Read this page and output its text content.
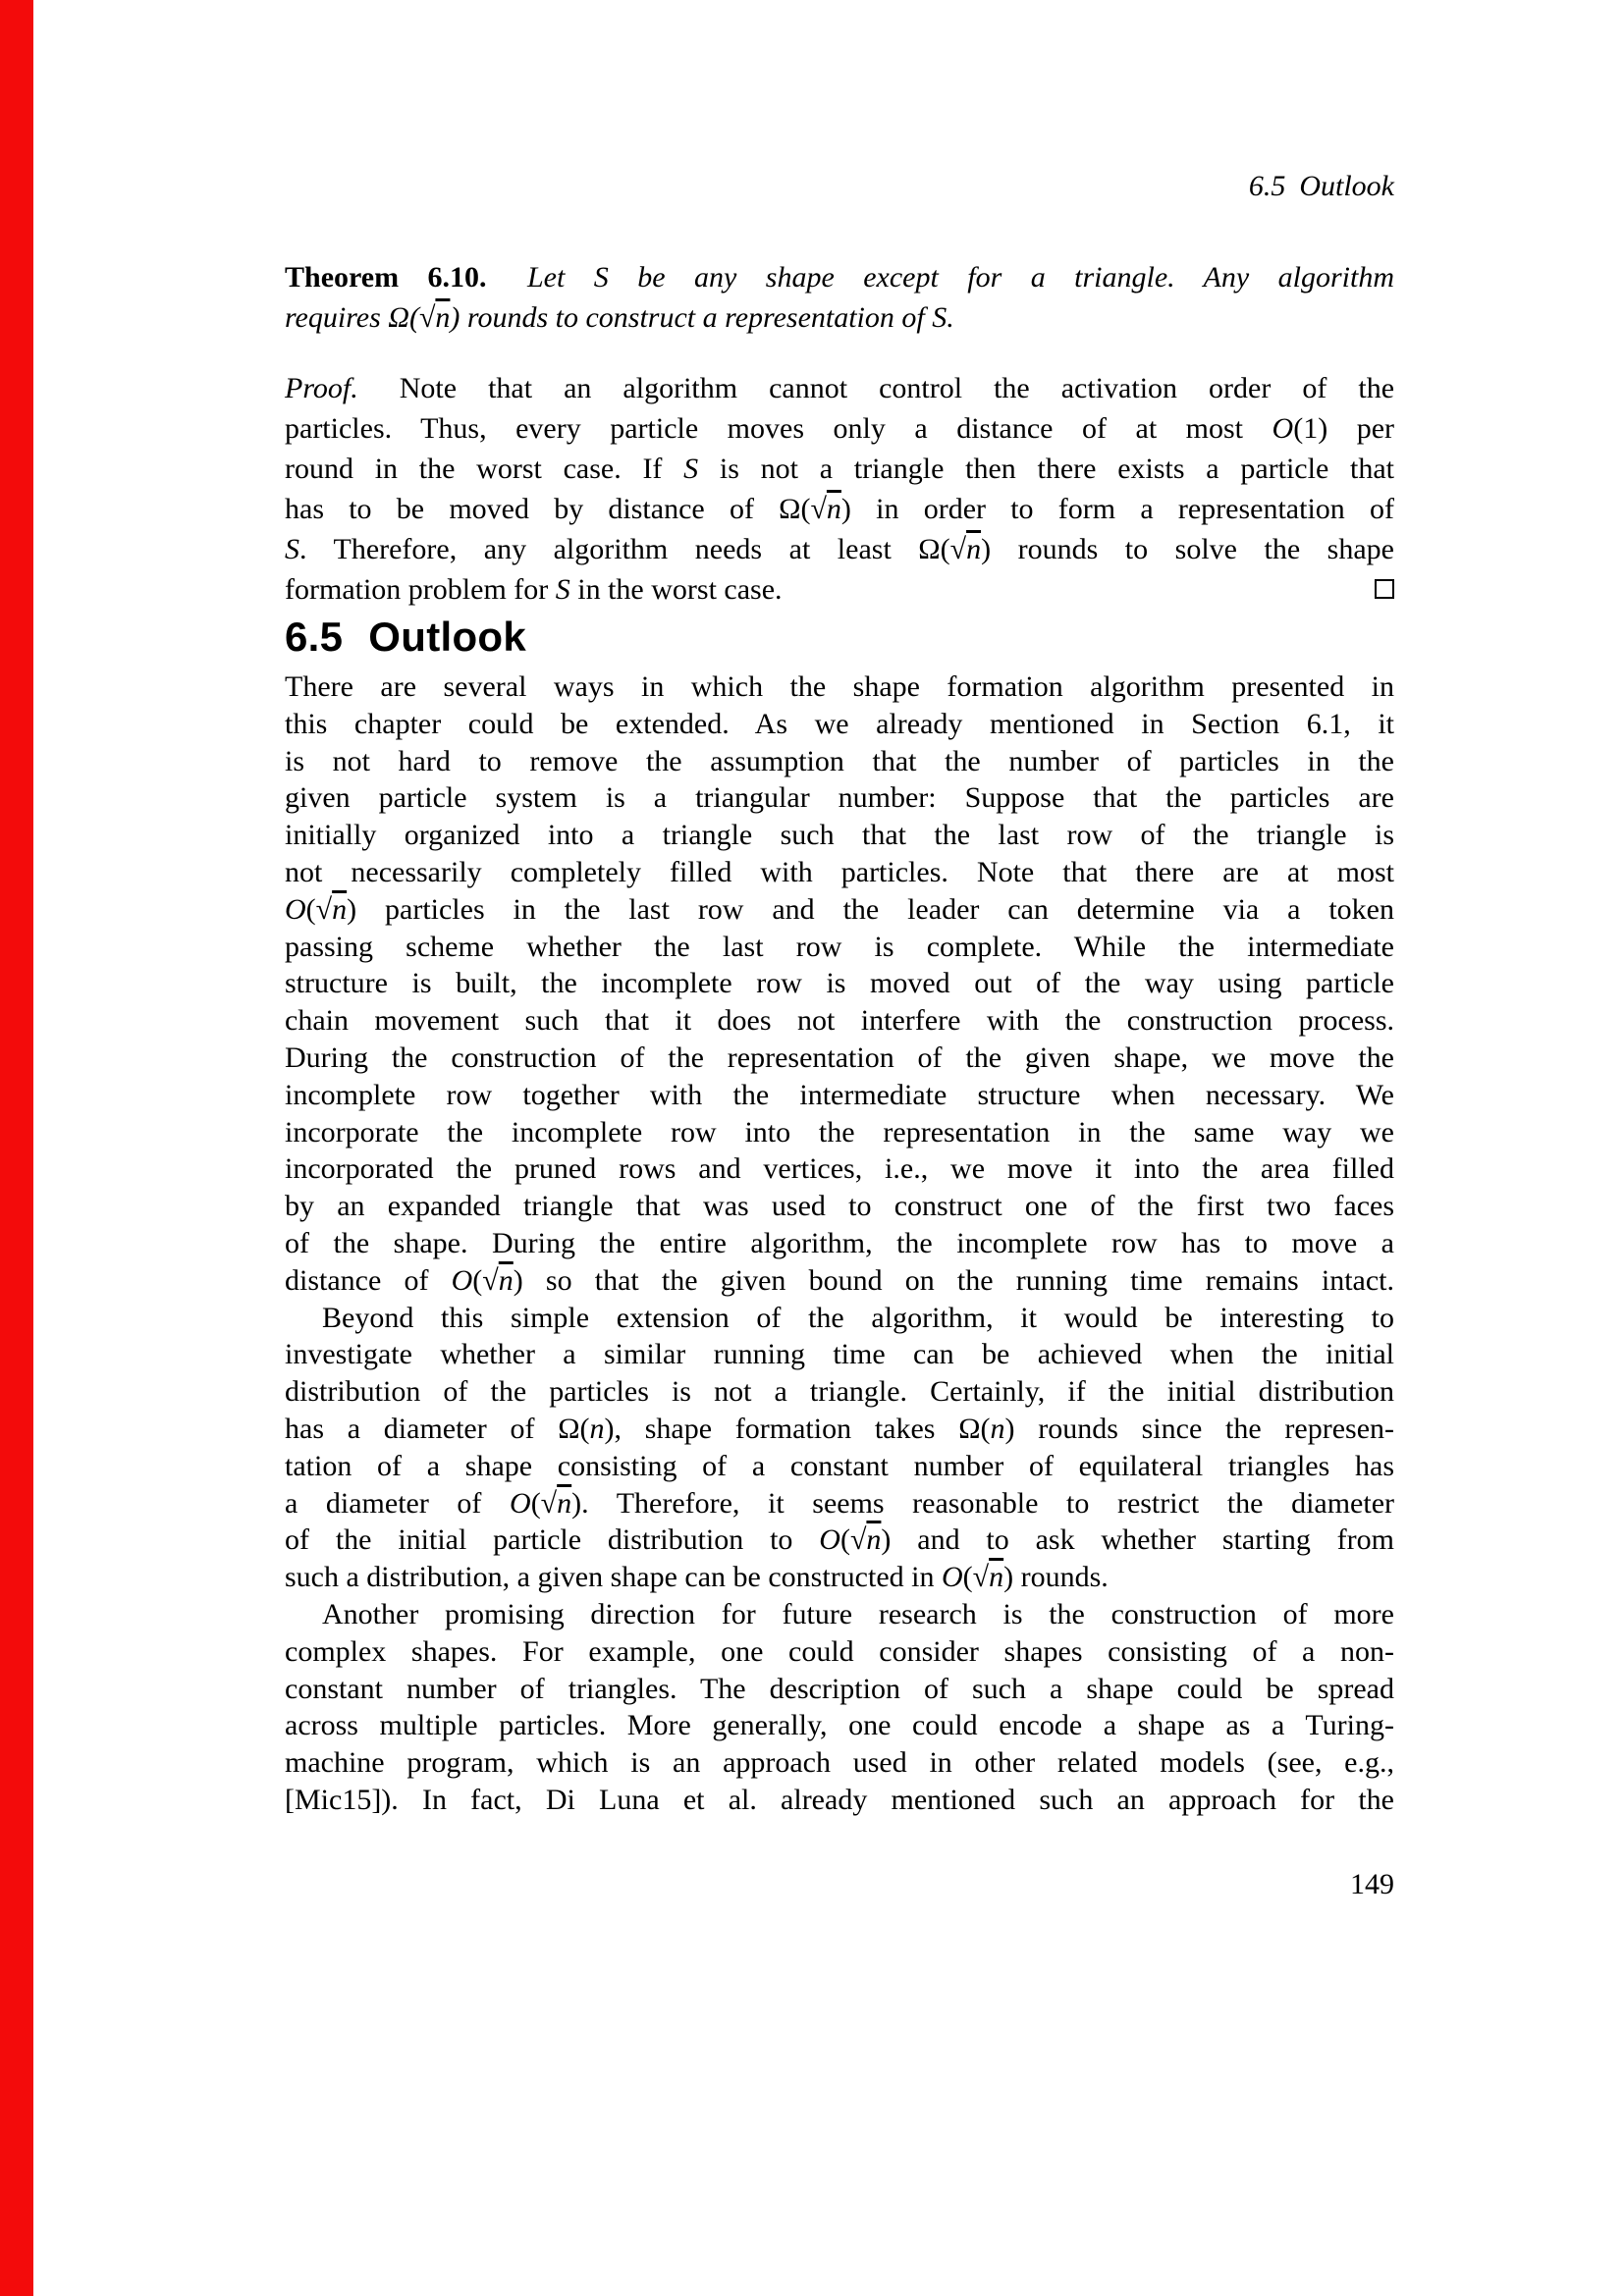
6.5 Outlook
Theorem 6.10. Let S be any shape except for a triangle. Any algorithm
requires Ω(√n) rounds to construct a representation of S.
Proof. Note that an algorithm cannot control the activation order of the
particles. Thus, every particle moves only a distance of at most O(1) per
round in the worst case. If S is not a triangle then there exists a particle that
has to be moved by distance of Ω(√n) in order to form a representation of
S. Therefore, any algorithm needs at least Ω(√n) rounds to solve the shape
formation problem for S in the worst case.
6.5 Outlook
There are several ways in which the shape formation algorithm presented in
this chapter could be extended. As we already mentioned in Section 6.1, it
is not hard to remove the assumption that the number of particles in the
given particle system is a triangular number: Suppose that the particles are
initially organized into a triangle such that the last row of the triangle is
not necessarily completely filled with particles. Note that there are at most
O(√n) particles in the last row and the leader can determine via a token
passing scheme whether the last row is complete. While the intermediate
structure is built, the incomplete row is moved out of the way using particle
chain movement such that it does not interfere with the construction process.
During the construction of the representation of the given shape, we move the
incomplete row together with the intermediate structure when necessary. We
incorporate the incomplete row into the representation in the same way we
incorporated the pruned rows and vertices, i.e., we move it into the area filled
by an expanded triangle that was used to construct one of the first two faces
of the shape. During the entire algorithm, the incomplete row has to move a
distance of O(√n) so that the given bound on the running time remains intact.
Beyond this simple extension of the algorithm, it would be interesting to
investigate whether a similar running time can be achieved when the initial
distribution of the particles is not a triangle. Certainly, if the initial distribution
has a diameter of Ω(n), shape formation takes Ω(n) rounds since the represen-
tation of a shape consisting of a constant number of equilateral triangles has
a diameter of O(√n). Therefore, it seems reasonable to restrict the diameter
of the initial particle distribution to O(√n) and to ask whether starting from
such a distribution, a given shape can be constructed in O(√n) rounds.
Another promising direction for future research is the construction of more
complex shapes. For example, one could consider shapes consisting of a non-
constant number of triangles. The description of such a shape could be spread
across multiple particles. More generally, one could encode a shape as a Turing-
machine program, which is an approach used in other related models (see, e.g.,
[Mic15]). In fact, Di Luna et al. already mentioned such an approach for the
149
